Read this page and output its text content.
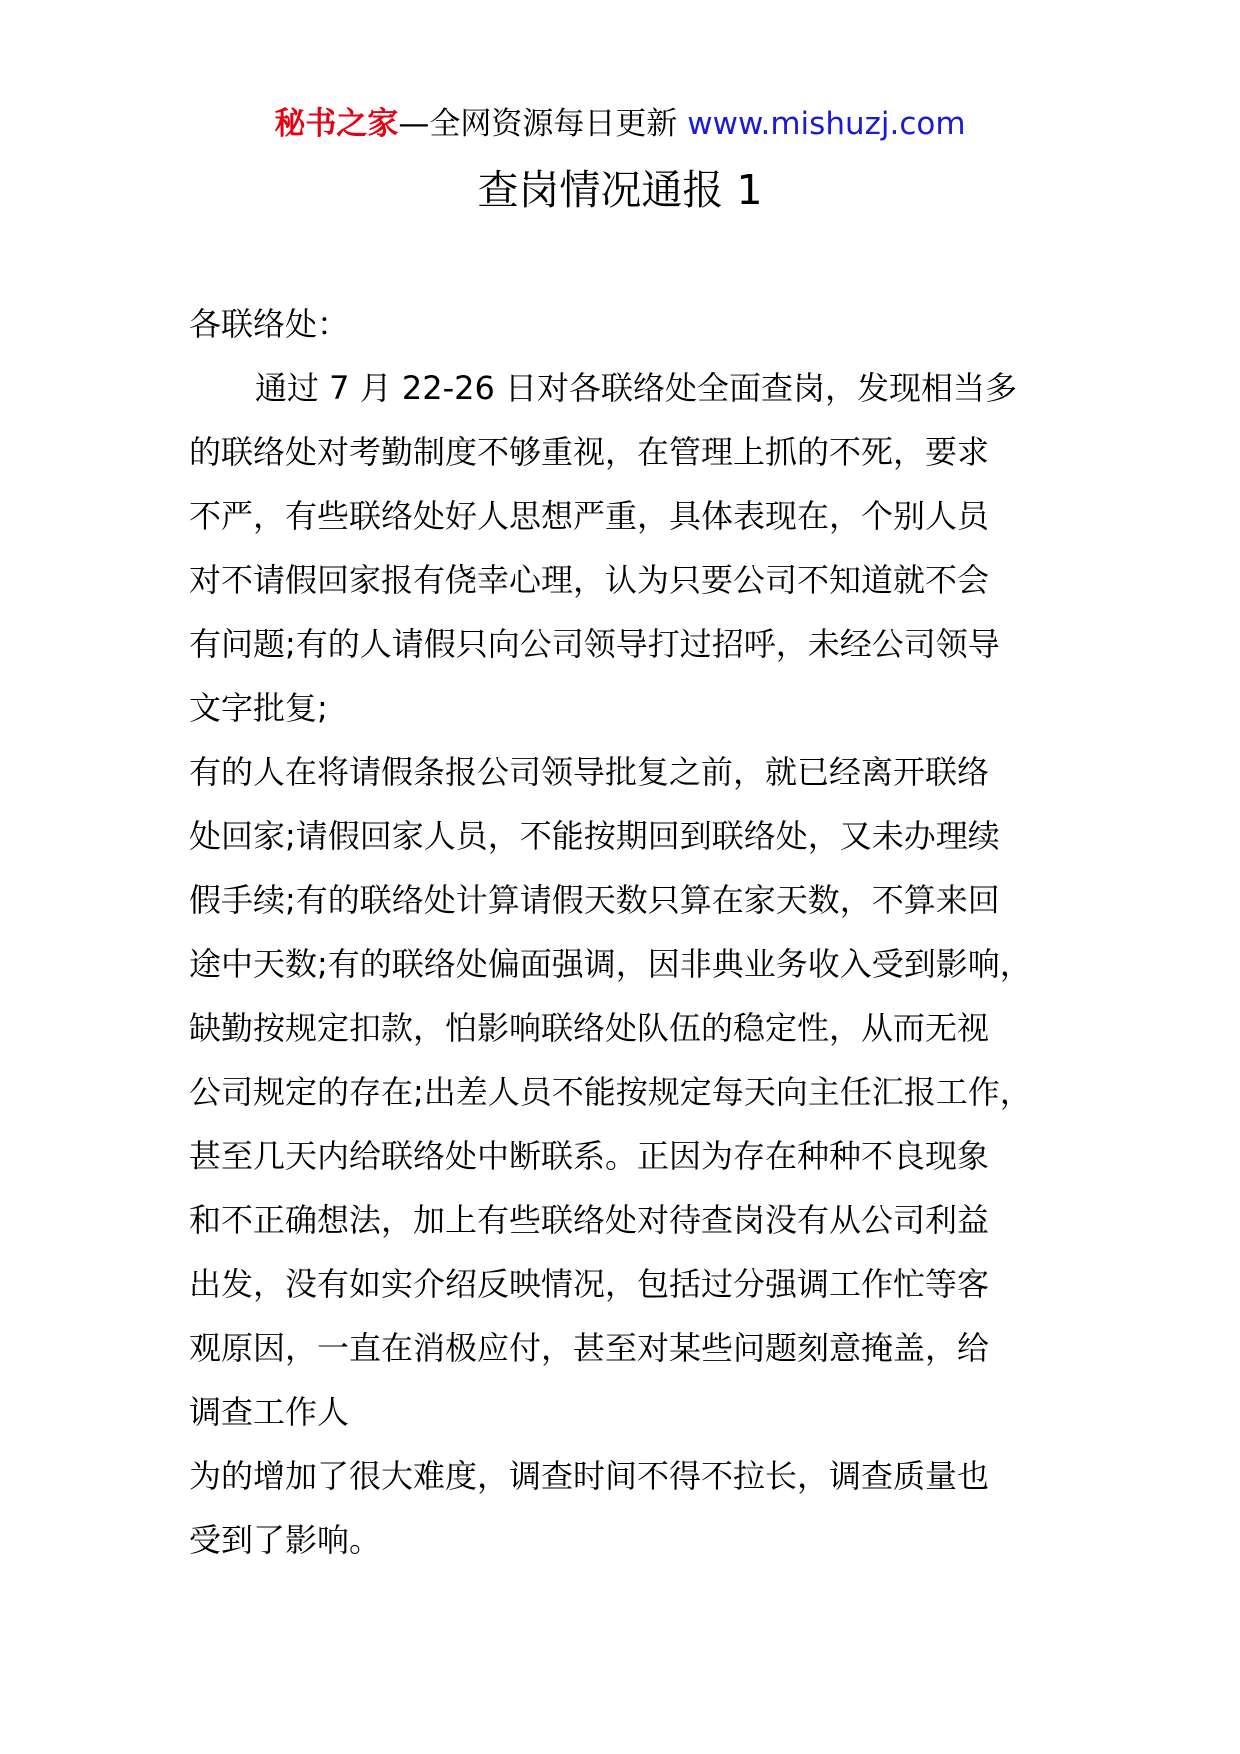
秘书之家—全网资源每日更新 www.mishuzj.com
查岗情况通报 1
各联络处：
通过 7 月 22-26 日对各联络处全面查岗，发现相当多
的联络处对考勤制度不够重视，在管理上抓的不死，要求
不严，有些联络处好人思想严重，具体表现在，个别人员
对不请假回家报有侥幸心理，认为只要公司不知道就不会
有问题;有的人请假只向公司领导打过招呼，未经公司领导
文字批复;
有的人在将请假条报公司领导批复之前，就已经离开联络
处回家;请假回家人员，不能按期回到联络处，又未办理续
假手续;有的联络处计算请假天数只算在家天数，不算来回
途中天数;有的联络处偏面强调，因非典业务收入受到影响，
缺勤按规定扣款，怕影响联络处队伍的稳定性，从而无视
公司规定的存在;出差人员不能按规定每天向主任汇报工作，
甚至几天内给联络处中断联系。正因为存在种种不良现象
和不正确想法，加上有些联络处对待查岗没有从公司利益
出发，没有如实介绍反映情况，包括过分强调工作忙等客
观原因，一直在消极应付，甚至对某些问题刻意掩盖，给
调查工作人
为的增加了很大难度，调查时间不得不拉长，调查质量也
受到了影响。
